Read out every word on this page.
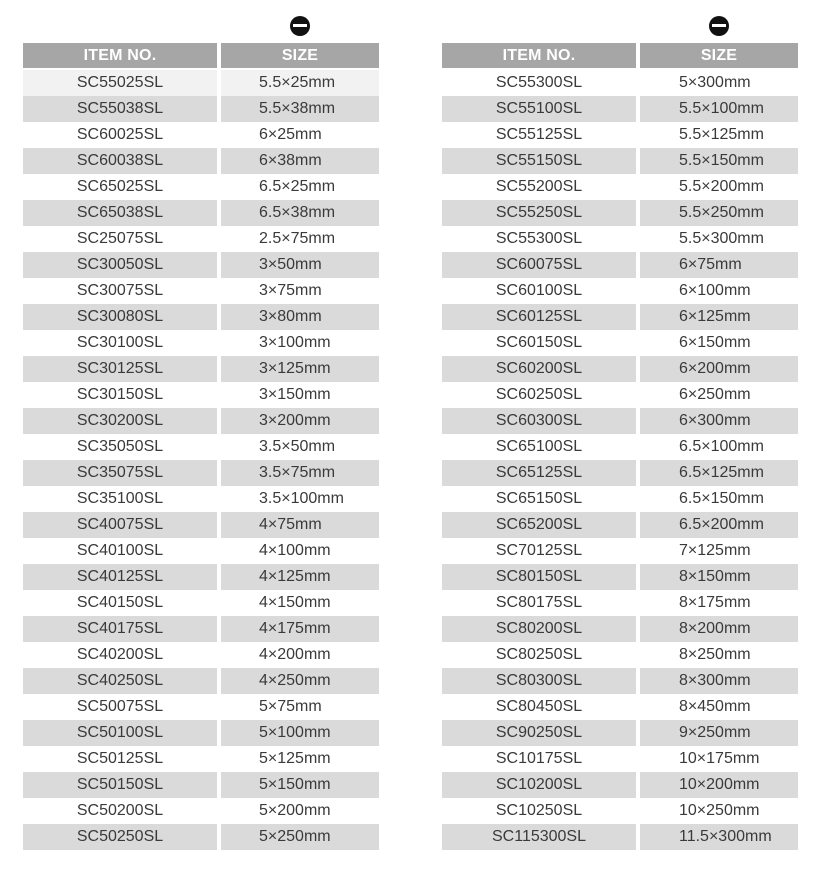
ITEM NO.	SIZE
SC55025SL	5.5×25mm
SC55038SL	5.5×38mm
SC60025SL	6×25mm
SC60038SL	6×38mm
SC65025SL	6.5×25mm
SC65038SL	6.5×38mm
SC25075SL	2.5×75mm
SC30050SL	3×50mm
SC30075SL	3×75mm
SC30080SL	3×80mm
SC30100SL	3×100mm
SC30125SL	3×125mm
SC30150SL	3×150mm
SC30200SL	3×200mm
SC35050SL	3.5×50mm
SC35075SL	3.5×75mm
SC35100SL	3.5×100mm
SC40075SL	4×75mm
SC40100SL	4×100mm
SC40125SL	4×125mm
SC40150SL	4×150mm
SC40175SL	4×175mm
SC40200SL	4×200mm
SC40250SL	4×250mm
SC50075SL	5×75mm
SC50100SL	5×100mm
SC50125SL	5×125mm
SC50150SL	5×150mm
SC50200SL	5×200mm
SC50250SL	5×250mm
ITEM NO.	SIZE
SC55300SL	5×300mm
SC55100SL	5.5×100mm
SC55125SL	5.5×125mm
SC55150SL	5.5×150mm
SC55200SL	5.5×200mm
SC55250SL	5.5×250mm
SC55300SL	5.5×300mm
SC60075SL	6×75mm
SC60100SL	6×100mm
SC60125SL	6×125mm
SC60150SL	6×150mm
SC60200SL	6×200mm
SC60250SL	6×250mm
SC60300SL	6×300mm
SC65100SL	6.5×100mm
SC65125SL	6.5×125mm
SC65150SL	6.5×150mm
SC65200SL	6.5×200mm
SC70125SL	7×125mm
SC80150SL	8×150mm
SC80175SL	8×175mm
SC80200SL	8×200mm
SC80250SL	8×250mm
SC80300SL	8×300mm
SC80450SL	8×450mm
SC90250SL	9×250mm
SC10175SL	10×175mm
SC10200SL	10×200mm
SC10250SL	10×250mm
SC115300SL	11.5×300mm
